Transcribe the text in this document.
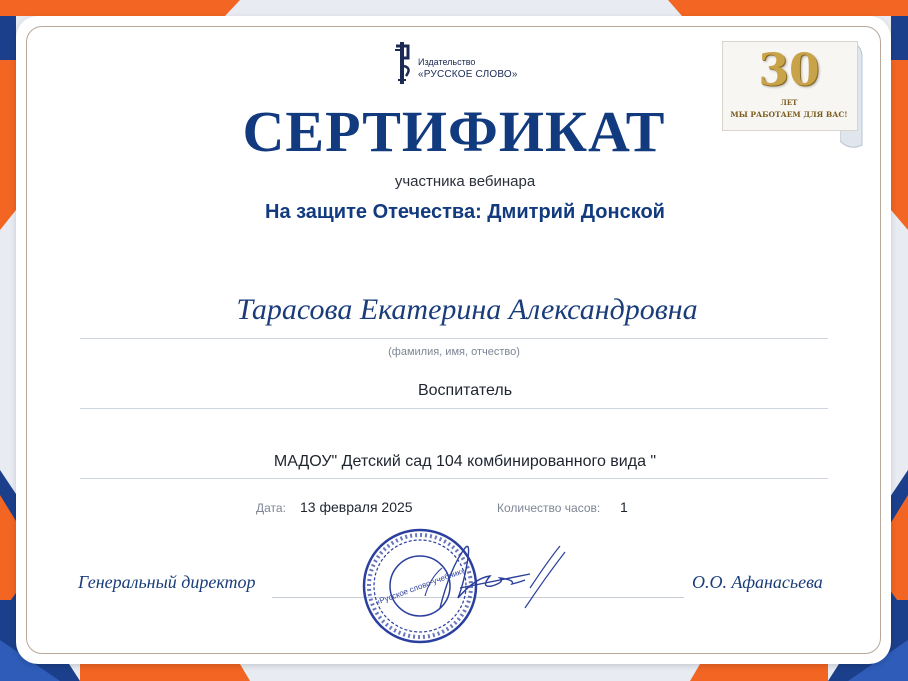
Издательство
«РУССКОЕ СЛОВО»	30
ЛЕТ
МЫ РАБОТАЕМ ДЛЯ ВАС!
СЕРТИФИКАТ
участника вебинара
На защите Отечества: Дмитрий Донской
Тарасова Екатерина Александровна
(фамилия, имя, отчество)
Воспитатель
МАДОУ" Детский сад 104 комбинированного вида "
Дата: 13 февраля 2025	Количество часов: 1
Генеральный директор	О.О. Афанасьева
«Русское слово-учебник»
